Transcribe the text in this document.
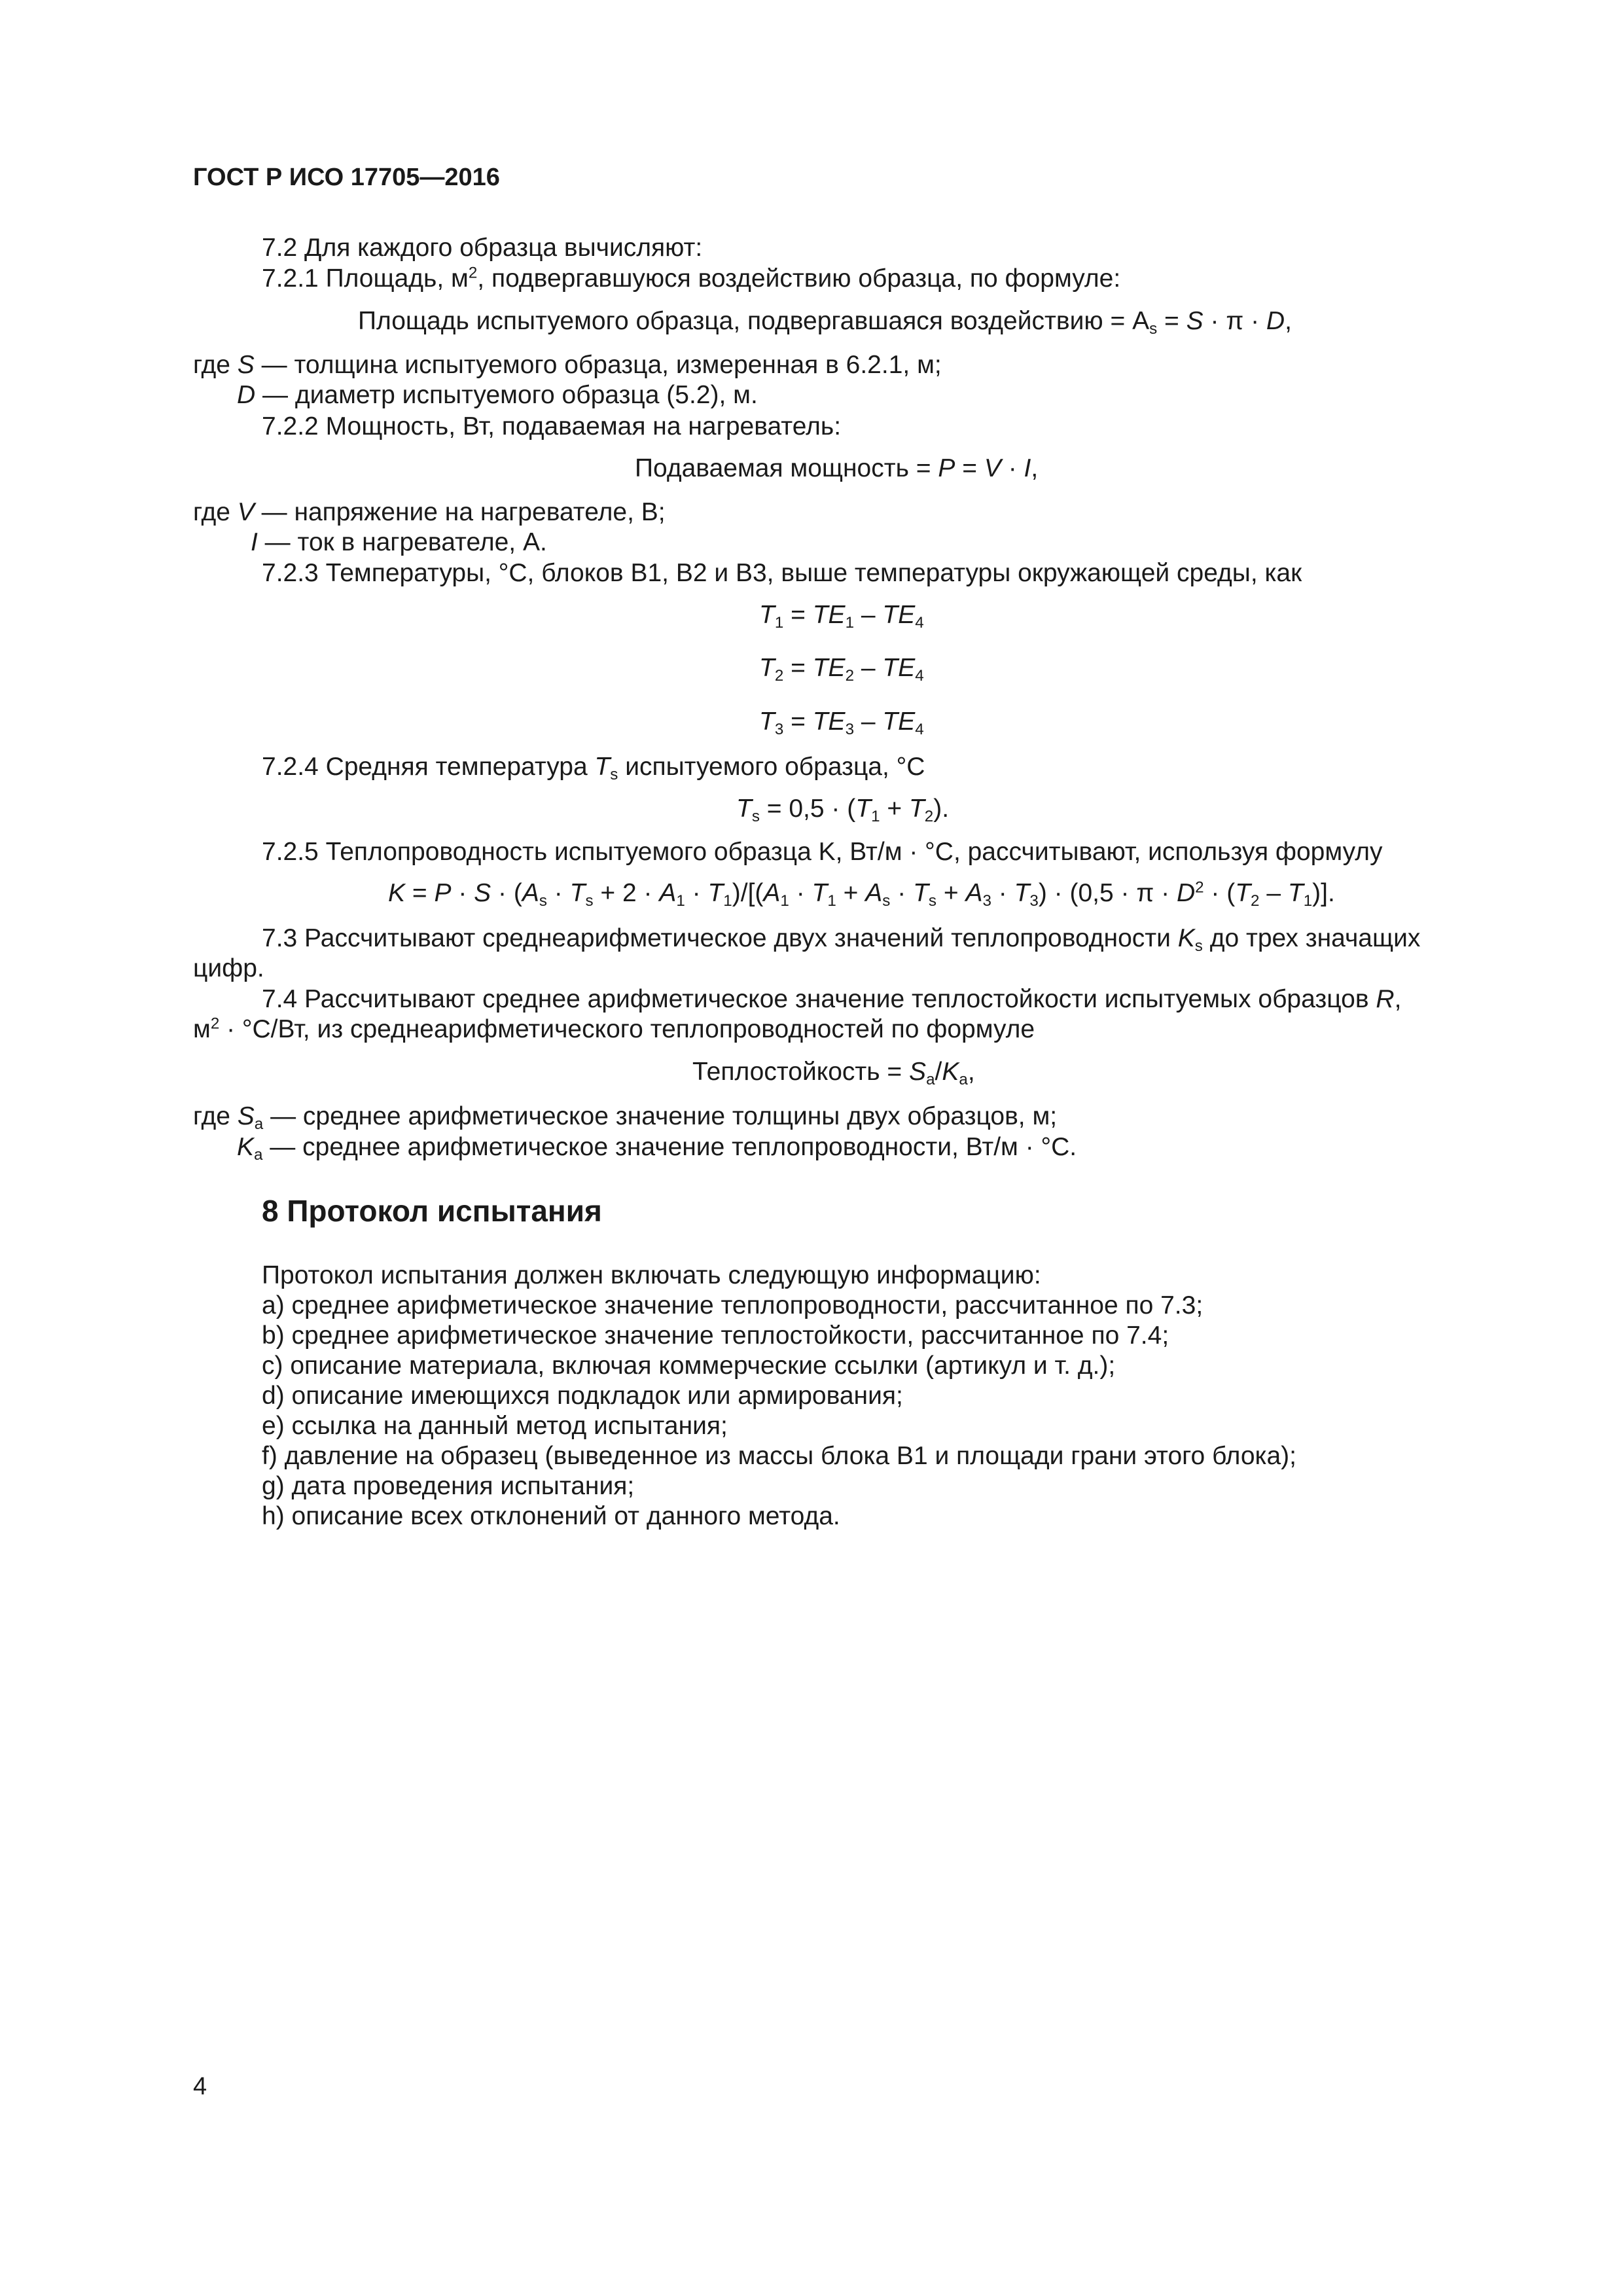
ГОСТ Р ИСО 17705—2016
7.2 Для каждого образца вычисляют:
7.2.1 Площадь, $м^2$, подвергавшуюся воздействию образца, по формуле:
Площадь испытуемого образца, подвергавшаяся воздействию = $A_s = S \cdot \pi \cdot D$,
где S — толщина испытуемого образца, измеренная в 6.2.1, м;
D — диаметр испытуемого образца (5.2), м.
7.2.2 Мощность, Вт, подаваемая на нагреватель:
Подаваемая мощность = P = V · I,
где V — напряжение на нагревателе, В;
I — ток в нагревателе, А.
7.2.3 Температуры, °C, блоков B1, B2 и B3, выше температуры окружающей среды, как
$T_1 = TE_1 - TE_4$
$T_2 = TE_2 - TE_4$
$T_3 = TE_3 - TE_4$
7.2.4 Средняя температура $T_s$ испытуемого образца, °C
$T_s = 0,5 \cdot (T_1 + T_2)$.
7.2.5 Теплопроводность испытуемого образца K, Вт/м · °C, рассчитывают, используя формулу
$K = P \cdot S \cdot (A_s \cdot T_s + 2 \cdot A_1 \cdot T_1)/[(A_1 \cdot T_1 + A_s \cdot T_s + A_3 \cdot T_3) \cdot (0,5 \cdot \pi \cdot D^2 \cdot (T_2 - T_1)]$.
7.3 Рассчитывают среднеарифметическое двух значений теплопроводности $K_s$ до трех значащих
цифр.
7.4 Рассчитывают среднее арифметическое значение теплостойкости испытуемых образцов R,
$м^2 \cdot ^\circ C/Вт$, из среднеарифметического теплопроводностей по формуле
Теплостойкость = $S_a/K_a$,
где $S_a$ — среднее арифметическое значение толщины двух образцов, м;
$K_a$ — среднее арифметическое значение теплопроводности, Вт/м · °C.
8 Протокол испытания
Протокол испытания должен включать следующую информацию:
a) среднее арифметическое значение теплопроводности, рассчитанное по 7.3;
b) среднее арифметическое значение теплостойкости, рассчитанное по 7.4;
c) описание материала, включая коммерческие ссылки (артикул и т. д.);
d) описание имеющихся подкладок или армирования;
e) ссылка на данный метод испытания;
f) давление на образец (выведенное из массы блока B1 и площади грани этого блока);
g) дата проведения испытания;
h) описание всех отклонений от данного метода.
4
